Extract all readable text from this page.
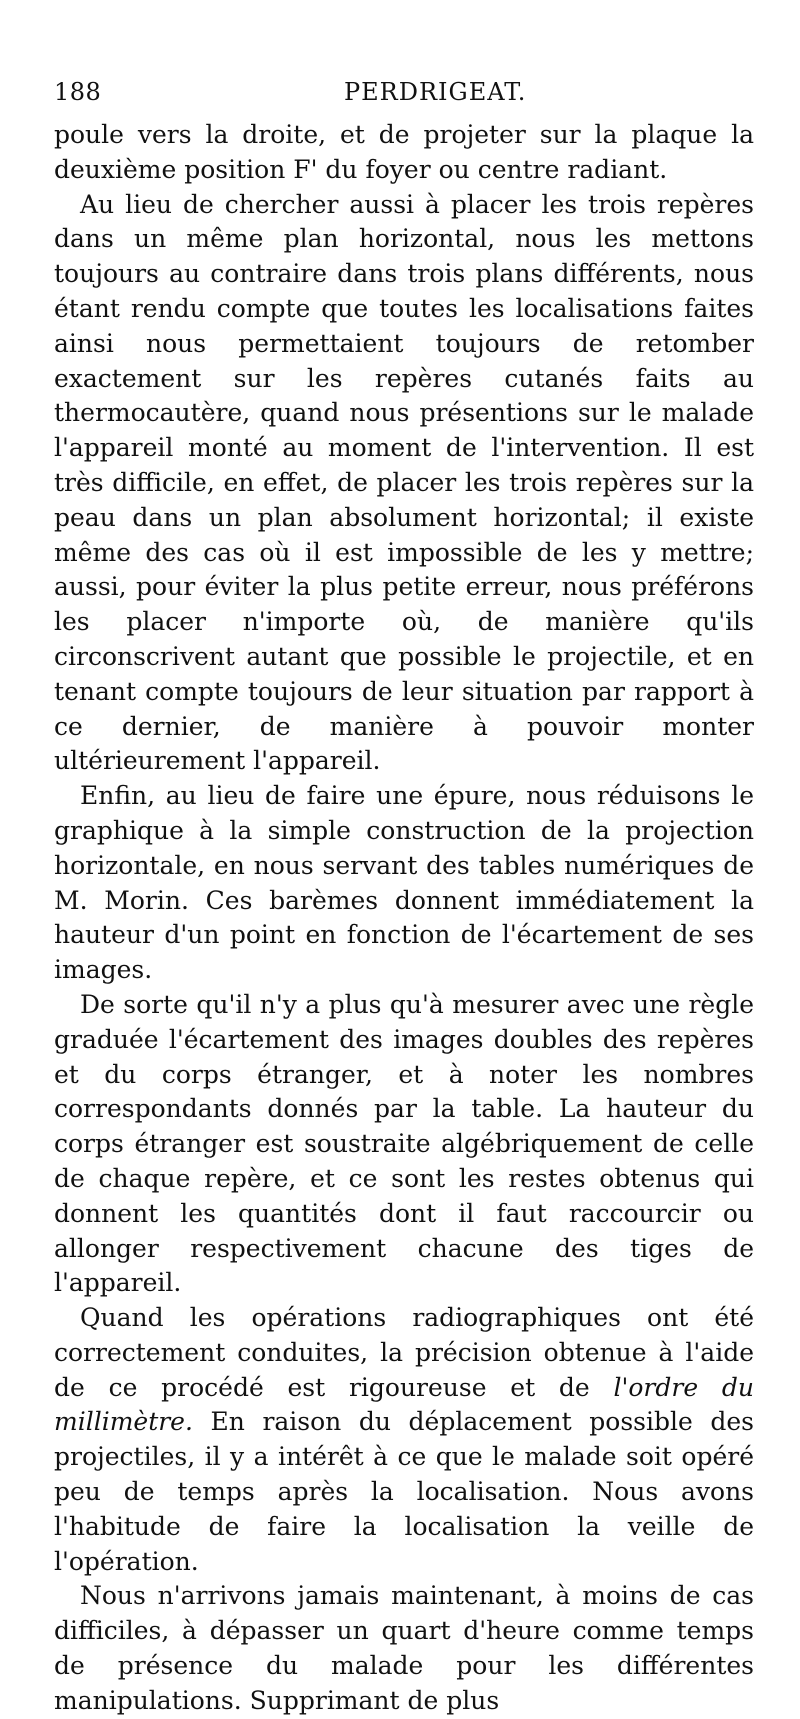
188	PERDRIGEAT.

poule vers la droite, et de projeter sur la plaque la deuxième position F' du foyer ou centre radiant.

Au lieu de chercher aussi à placer les trois repères dans un même plan horizontal, nous les mettons toujours au contraire dans trois plans différents, nous étant rendu compte que toutes les localisations faites ainsi nous permettaient toujours de retomber exactement sur les repères cutanés faits au thermocautère, quand nous présentions sur le malade l'appareil monté au moment de l'intervention. Il est très difficile, en effet, de placer les trois repères sur la peau dans un plan absolument horizontal; il existe même des cas où il est impossible de les y mettre; aussi, pour éviter la plus petite erreur, nous préférons les placer n'importe où, de manière qu'ils circonscrivent autant que possible le projectile, et en tenant compte toujours de leur situation par rapport à ce dernier, de manière à pouvoir monter ultérieurement l'appareil.

Enfin, au lieu de faire une épure, nous réduisons le graphique à la simple construction de la projection horizontale, en nous servant des tables numériques de M. Morin. Ces barèmes donnent immédiatement la hauteur d'un point en fonction de l'écartement de ses images.

De sorte qu'il n'y a plus qu'à mesurer avec une règle graduée l'écartement des images doubles des repères et du corps étranger, et à noter les nombres correspondants donnés par la table. La hauteur du corps étranger est soustraite algébriquement de celle de chaque repère, et ce sont les restes obtenus qui donnent les quantités dont il faut raccourcir ou allonger respectivement chacune des tiges de l'appareil.

Quand les opérations radiographiques ont été correctement conduites, la précision obtenue à l'aide de ce procédé est rigoureuse et de l'ordre du millimètre. En raison du déplacement possible des projectiles, il y a intérêt à ce que le malade soit opéré peu de temps après la localisation. Nous avons l'habitude de faire la localisation la veille de l'opération.

Nous n'arrivons jamais maintenant, à moins de cas difficiles, à dépasser un quart d'heure comme temps de présence du malade pour les différentes manipulations. Supprimant de plus
